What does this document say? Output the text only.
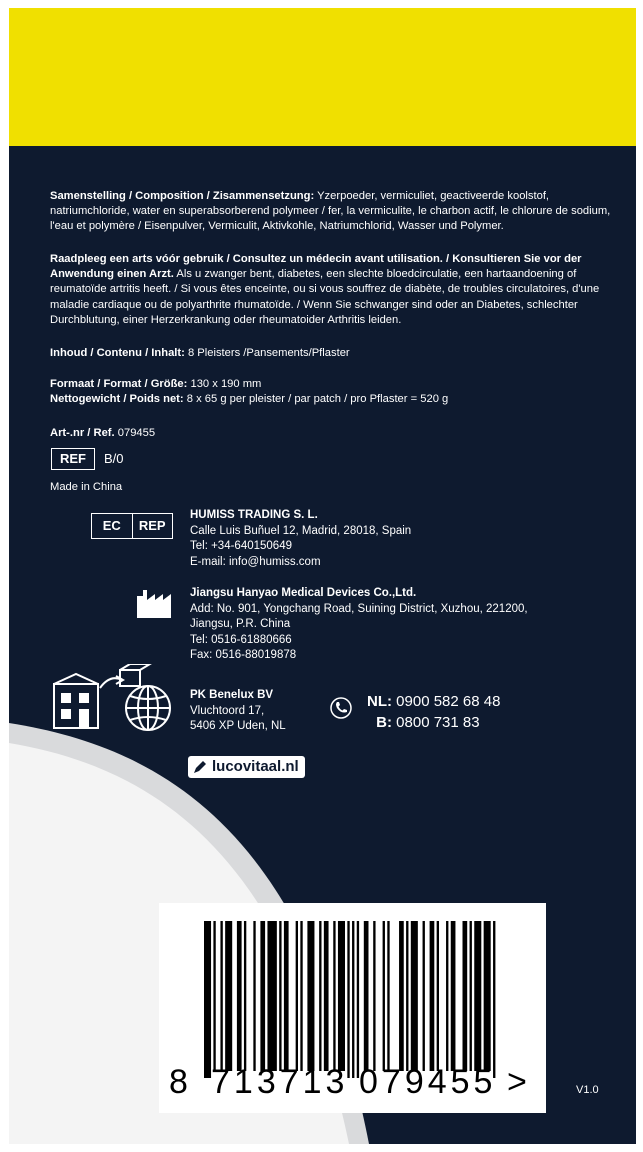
Samenstelling / Composition / Zisammensetzung: Yzerpoeder, vermiculiet, geactiveerde koolstof, natriumchloride, water en superabsorberend polymeer / fer, la vermiculite, le charbon actif, le chlorure de sodium, l'eau et polymère / Eisenpulver, Vermiculit, Aktivkohle, Natriumchlorid, Wasser und Polymer.
Raadpleeg een arts vóór gebruik / Consultez un médecin avant utilisation. / Konsultieren Sie vor der Anwendung einen Arzt. Als u zwanger bent, diabetes, een slechte bloedcirculatie, een hartaandoening of reumatoïde artritis heeft. / Si vous êtes enceinte, ou si vous souffrez de diabète, de troubles circulatoires, d'une maladie cardiaque ou de polyarthrite rhumatoïde. / Wenn Sie schwanger sind oder an Diabetes, schlechter Durchblutung, einer Herzerkrankung oder rheumatoider Arthritis leiden.
Inhoud / Contenu / Inhalt: 8 Pleisters /Pansements/Pflaster
Formaat / Format / Größe: 130 x 190 mm
Nettogewicht / Poids net: 8 x 65 g per pleister / par patch / pro Pflaster = 520 g
Art-.nr / Ref. 079455
REF	B/0
Made in China
EC	REP
HUMISS TRADING S. L.
Calle Luis Buñuel 12, Madrid, 28018, Spain
Tel: +34-640150649
E-mail: info@humiss.com
Jiangsu Hanyao Medical Devices Co.,Ltd.
Add: No. 901, Yongchang Road, Suining District, Xuzhou, 221200,
Jiangsu, P.R. China
Tel: 0516-61880666
Fax: 0516-88019878
PK Benelux BV
Vluchtoord 17,
5406 XP Uden, NL
NL: 0900 582 68 48
B: 0800 731 83
lucovitaal.nl
8 713713 079455 >	V1.0
